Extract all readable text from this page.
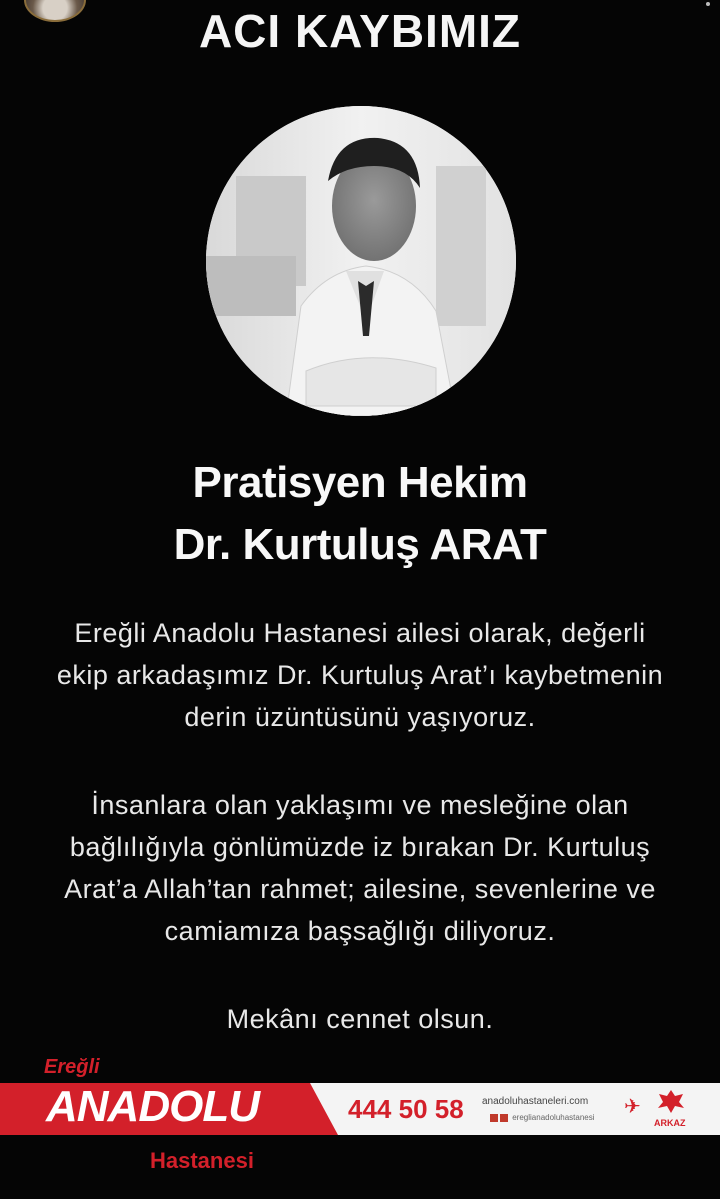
ACI KAYBIMIZ
Pratisyen Hekim
Dr. Kurtuluş ARAT

Ereğli Anadolu Hastanesi ailesi olarak, değerli
ekip arkadaşımız Dr. Kurtuluş Arat’ı kaybetmenin
derin üzüntüsünü yaşıyoruz.

İnsanlara olan yaklaşımı ve mesleğine olan
bağlılığıyla gönlümüzde iz bırakan Dr. Kurtuluş
Arat’a Allah’tan rahmet; ailesine, sevenlerine ve
camiamıza başsağlığı diliyoruz.

Mekânı cennet olsun.

Ereğli
ANADOLU
Hastanesi
444 50 58 anadoluhastaneleri.com
ereglianadoluhastanesi ✈
ARKAZ
